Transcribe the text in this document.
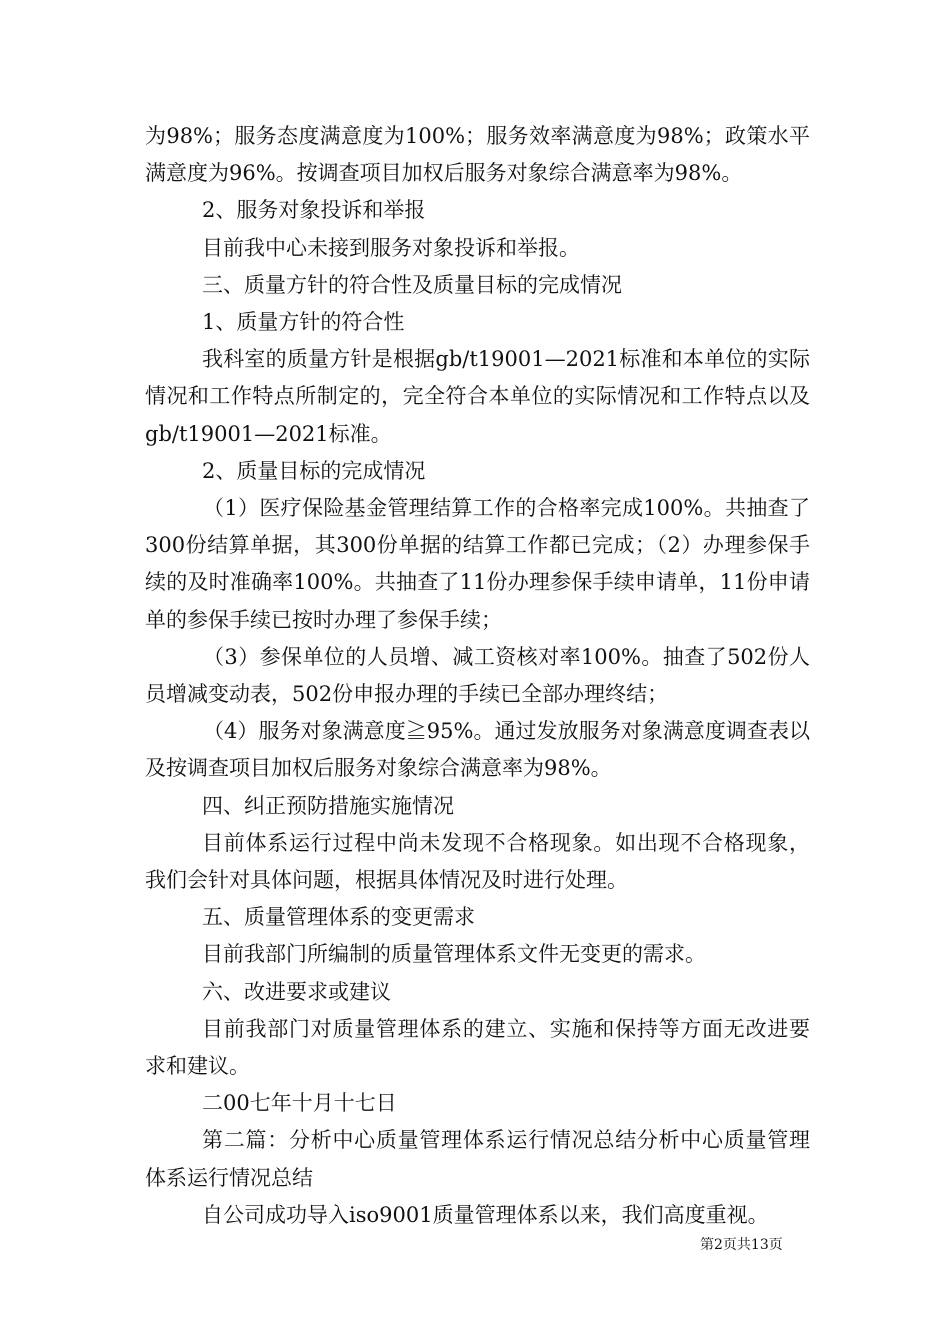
为98%；服务态度满意度为100%；服务效率满意度为98%；政策水平满意度为96%。按调查项目加权后服务对象综合满意率为98%。

2、服务对象投诉和举报

目前我中心未接到服务对象投诉和举报。

三、质量方针的符合性及质量目标的完成情况

1、质量方针的符合性

我科室的质量方针是根据gb/t19001—2021标准和本单位的实际情况和工作特点所制定的，完全符合本单位的实际情况和工作特点以及gb/t19001—2021标准。

2、质量目标的完成情况

（1）医疗保险基金管理结算工作的合格率完成100%。共抽查了300份结算单据，其300份单据的结算工作都已完成；（2）办理参保手续的及时准确率100%。共抽查了11份办理参保手续申请单，11份申请单的参保手续已按时办理了参保手续；

（3）参保单位的人员增、减工资核对率100%。抽查了502份人员增减变动表，502份申报办理的手续已全部办理终结；

（4）服务对象满意度≧95%。通过发放服务对象满意度调查表以及按调查项目加权后服务对象综合满意率为98%。

四、纠正预防措施实施情况

目前体系运行过程中尚未发现不合格现象。如出现不合格现象，我们会针对具体问题，根据具体情况及时进行处理。

五、质量管理体系的变更需求

目前我部门所编制的质量管理体系文件无变更的需求。

六、改进要求或建议

目前我部门对质量管理体系的建立、实施和保持等方面无改进要求和建议。

二00七年十月十七日

第二篇：分析中心质量管理体系运行情况总结分析中心质量管理体系运行情况总结

自公司成功导入iso9001质量管理体系以来，我们高度重视。

第2页共13页
